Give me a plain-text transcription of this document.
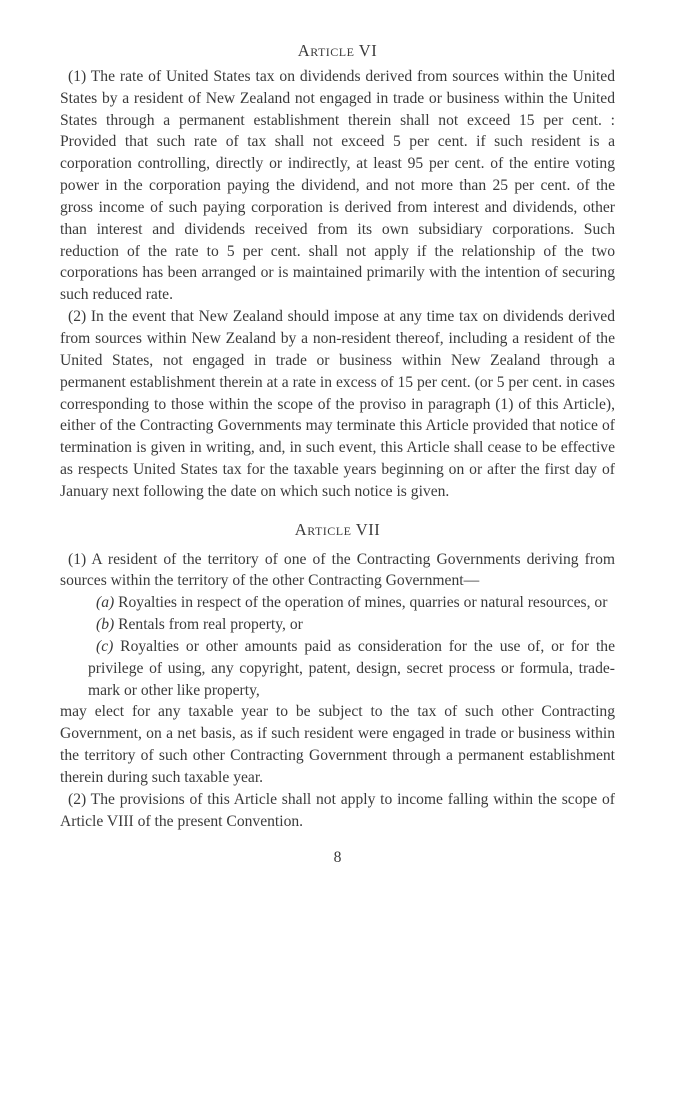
Article VI

(1) The rate of United States tax on dividends derived from sources within the United States by a resident of New Zealand not engaged in trade or business within the United States through a permanent establishment therein shall not exceed 15 per cent. : Provided that such rate of tax shall not exceed 5 per cent. if such resident is a corporation controlling, directly or indirectly, at least 95 per cent. of the entire voting power in the corporation paying the dividend, and not more than 25 per cent. of the gross income of such paying corporation is derived from interest and dividends, other than interest and dividends received from its own subsidiary corporations. Such reduction of the rate to 5 per cent. shall not apply if the relationship of the two corporations has been arranged or is maintained primarily with the intention of securing such reduced rate.

(2) In the event that New Zealand should impose at any time tax on dividends derived from sources within New Zealand by a non-resident thereof, including a resident of the United States, not engaged in trade or business within New Zealand through a permanent establishment therein at a rate in excess of 15 per cent. (or 5 per cent. in cases corresponding to those within the scope of the proviso in paragraph (1) of this Article), either of the Contracting Governments may terminate this Article provided that notice of termination is given in writing, and, in such event, this Article shall cease to be effective as respects United States tax for the taxable years beginning on or after the first day of January next following the date on which such notice is given.

Article VII

(1) A resident of the territory of one of the Contracting Governments deriving from sources within the territory of the other Contracting Government—

(a) Royalties in respect of the operation of mines, quarries or natural resources, or

(b) Rentals from real property, or

(c) Royalties or other amounts paid as consideration for the use of, or for the privilege of using, any copyright, patent, design, secret process or formula, trade-mark or other like property,

may elect for any taxable year to be subject to the tax of such other Contracting Government, on a net basis, as if such resident were engaged in trade or business within the territory of such other Contracting Government through a permanent establishment therein during such taxable year.

(2) The provisions of this Article shall not apply to income falling within the scope of Article VIII of the present Convention.

8
